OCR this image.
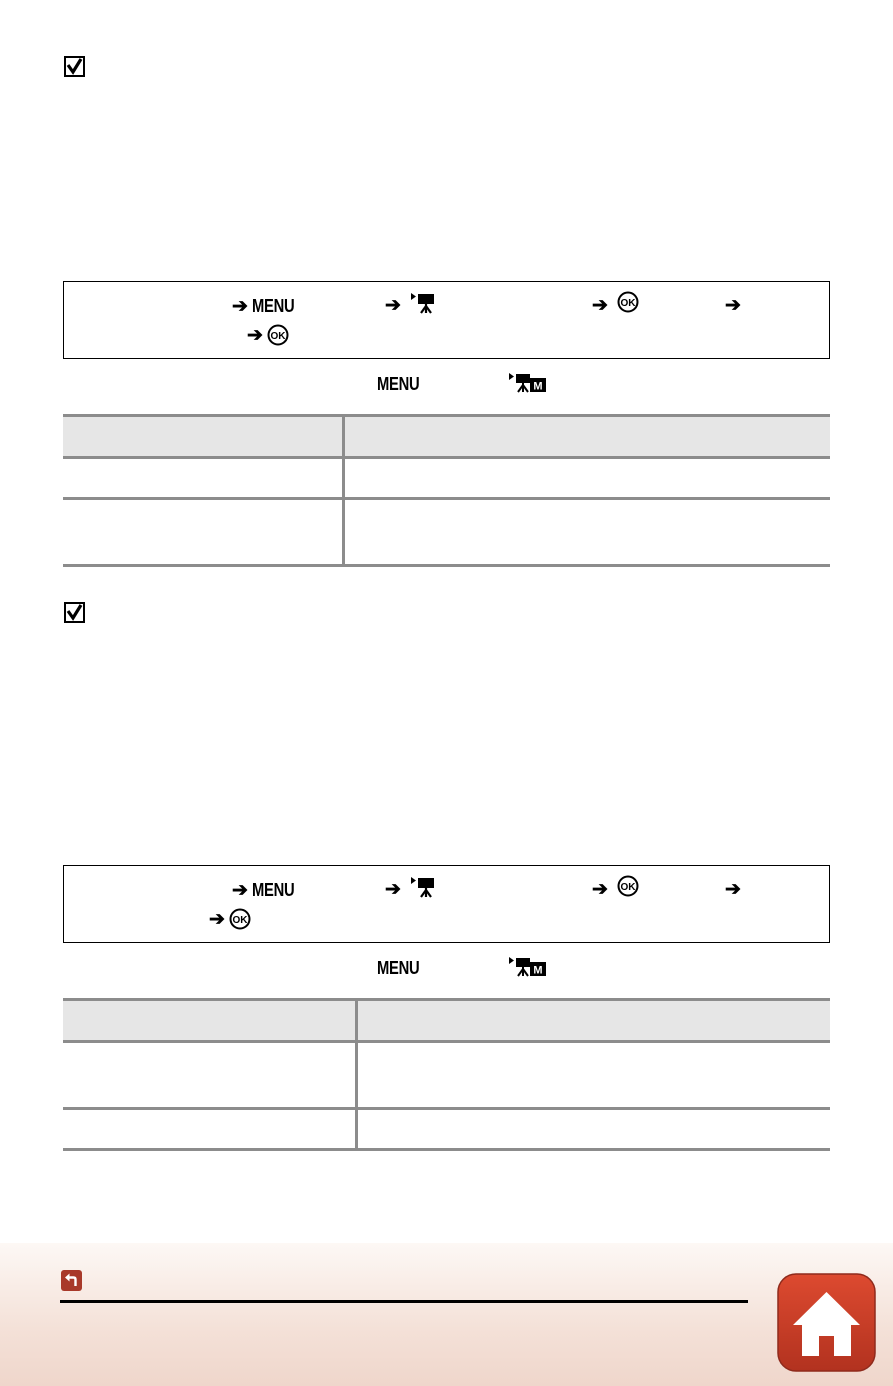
➔ MENU	➔	➔ OK	➔
➔ OK
MENU	M

➔ MENU	➔	➔ OK	➔
➔ OK
MENU	M
